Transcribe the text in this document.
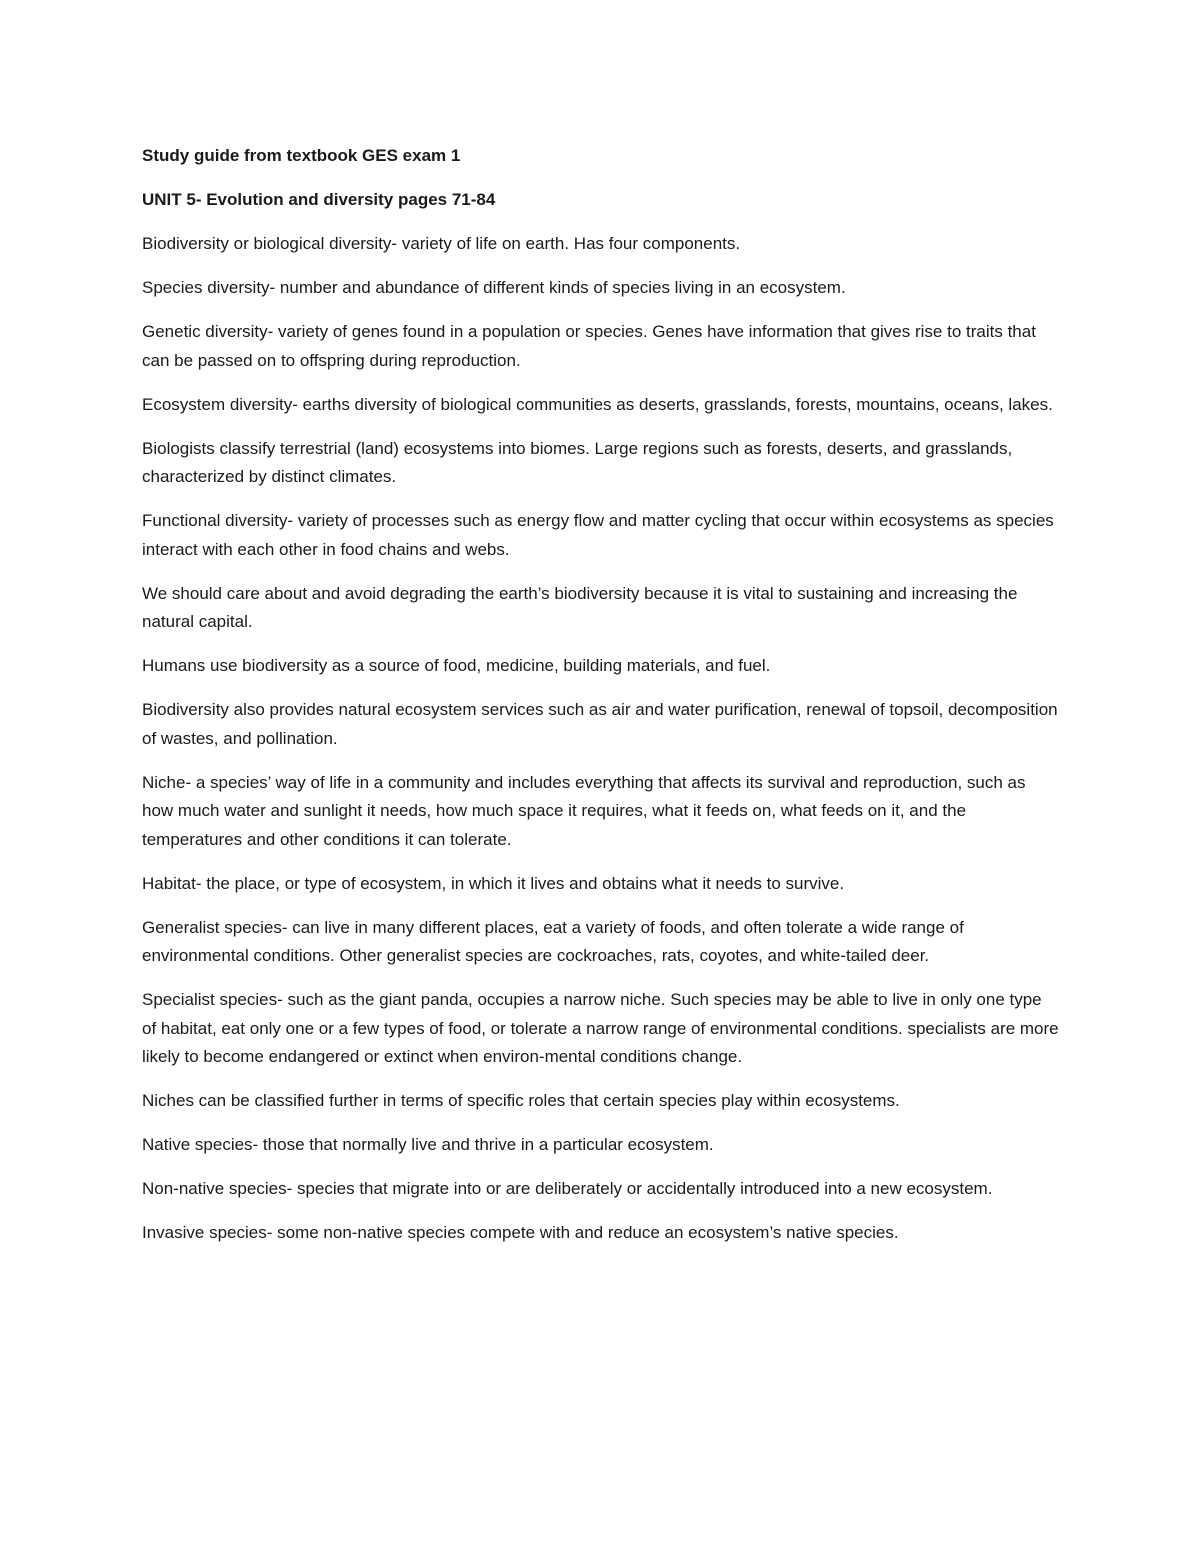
Study guide from textbook GES exam 1

UNIT 5- Evolution and diversity pages 71-84

Biodiversity or biological diversity- variety of life on earth. Has four components.

Species diversity- number and abundance of different kinds of species living in an ecosystem.

Genetic diversity- variety of genes found in a population or species. Genes have information that gives rise to traits that can be passed on to offspring during reproduction.

Ecosystem diversity- earths diversity of biological communities as deserts, grasslands, forests, mountains, oceans, lakes.

Biologists classify terrestrial (land) ecosystems into biomes. Large regions such as forests, deserts, and grasslands, characterized by distinct climates.

Functional diversity- variety of processes such as energy flow and matter cycling that occur within ecosystems as species interact with each other in food chains and webs.

We should care about and avoid degrading the earth’s biodiversity because it is vital to sustaining and increasing the natural capital.

Humans use biodiversity as a source of food, medicine, building materials, and fuel.

Biodiversity also provides natural ecosystem services such as air and water purification, renewal of topsoil, decomposition of wastes, and pollination.

Niche- a species’ way of life in a community and includes everything that affects its survival and reproduction, such as how much water and sunlight it needs, how much space it requires, what it feeds on, what feeds on it, and the temperatures and other conditions it can tolerate.

Habitat- the place, or type of ecosystem, in which it lives and obtains what it needs to survive.

Generalist species- can live in many different places, eat a variety of foods, and often tolerate a wide range of environmental conditions. Other generalist species are cockroaches, rats, coyotes, and white-tailed deer.

Specialist species- such as the giant panda, occupies a narrow niche. Such species may be able to live in only one type of habitat, eat only one or a few types of food, or tolerate a narrow range of environmental conditions. specialists are more likely to become endangered or extinct when environ-mental conditions change.

Niches can be classified further in terms of specific roles that certain species play within ecosystems.

Native species- those that normally live and thrive in a particular ecosystem.

Non-native species- species that migrate into or are deliberately or accidentally introduced into a new ecosystem.

Invasive species- some non-native species compete with and reduce an ecosystem’s native species.
